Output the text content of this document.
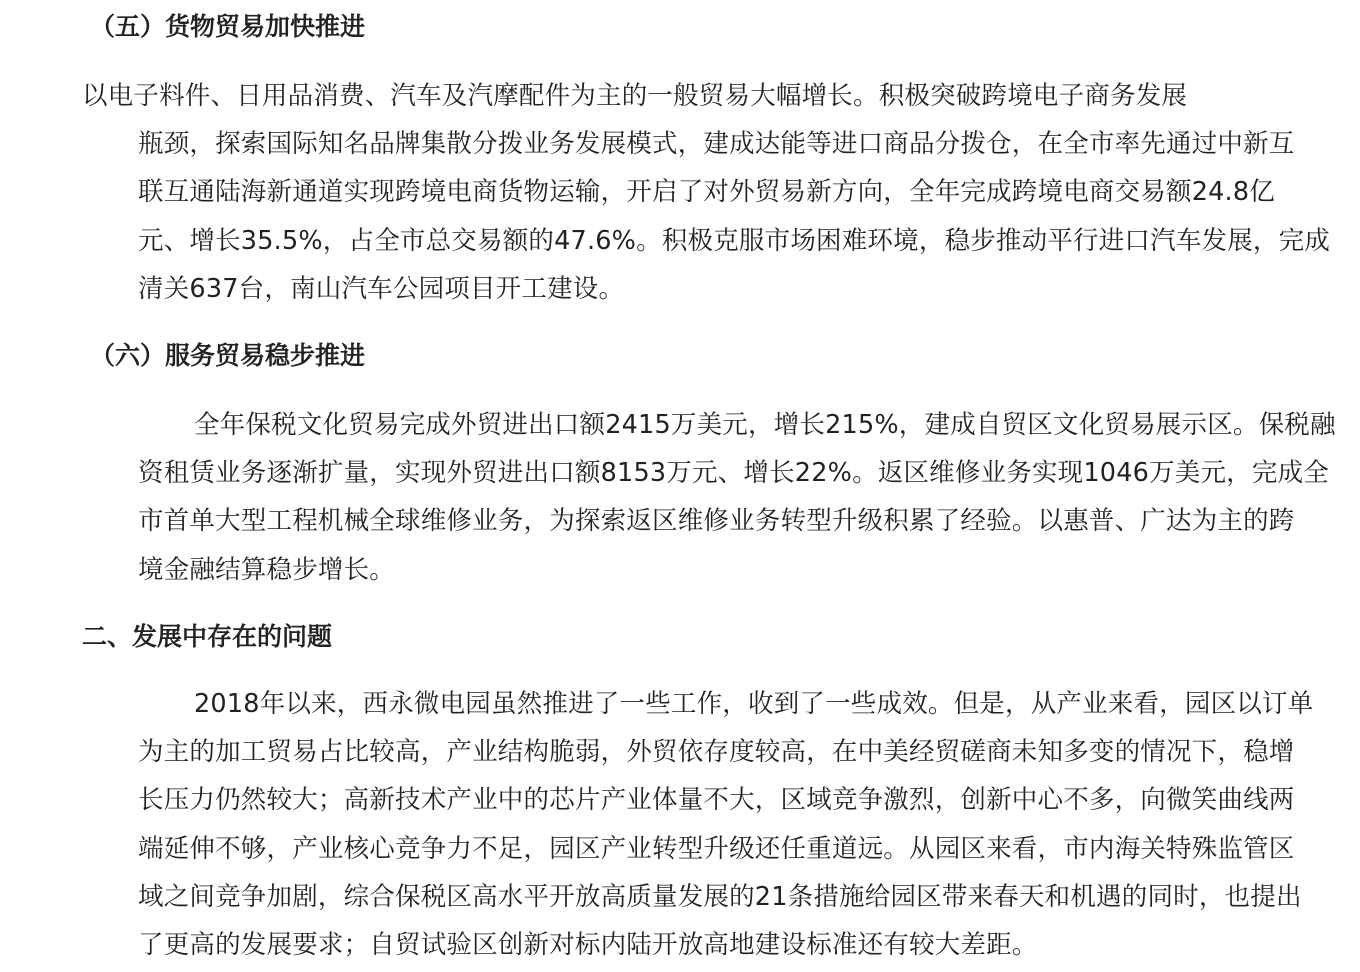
（五）货物贸易加快推进
以电子料件、日用品消费、汽车及汽摩配件为主的一般贸易大幅增长。积极突破跨境电子商务发展
瓶颈，探索国际知名品牌集散分拨业务发展模式，建成达能等进口商品分拨仓，在全市率先通过中新互
联互通陆海新通道实现跨境电商货物运输，开启了对外贸易新方向，全年完成跨境电商交易额24.8亿
元、增长35.5%，占全市总交易额的47.6%。积极克服市场困难环境，稳步推动平行进口汽车发展，完成
清关637台，南山汽车公园项目开工建设。
（六）服务贸易稳步推进
全年保税文化贸易完成外贸进出口额2415万美元，增长215%，建成自贸区文化贸易展示区。保税融
资租赁业务逐渐扩量，实现外贸进出口额8153万元、增长22%。返区维修业务实现1046万美元，完成全
市首单大型工程机械全球维修业务，为探索返区维修业务转型升级积累了经验。以惠普、广达为主的跨
境金融结算稳步增长。
二、发展中存在的问题
2018年以来，西永微电园虽然推进了一些工作，收到了一些成效。但是，从产业来看，园区以订单
为主的加工贸易占比较高，产业结构脆弱，外贸依存度较高，在中美经贸磋商未知多变的情况下，稳增
长压力仍然较大；高新技术产业中的芯片产业体量不大，区域竞争激烈，创新中心不多，向微笑曲线两
端延伸不够，产业核心竞争力不足，园区产业转型升级还任重道远。从园区来看，市内海关特殊监管区
域之间竞争加剧，综合保税区高水平开放高质量发展的21条措施给园区带来春天和机遇的同时，也提出
了更高的发展要求；自贸试验区创新对标内陆开放高地建设标准还有较大差距。
